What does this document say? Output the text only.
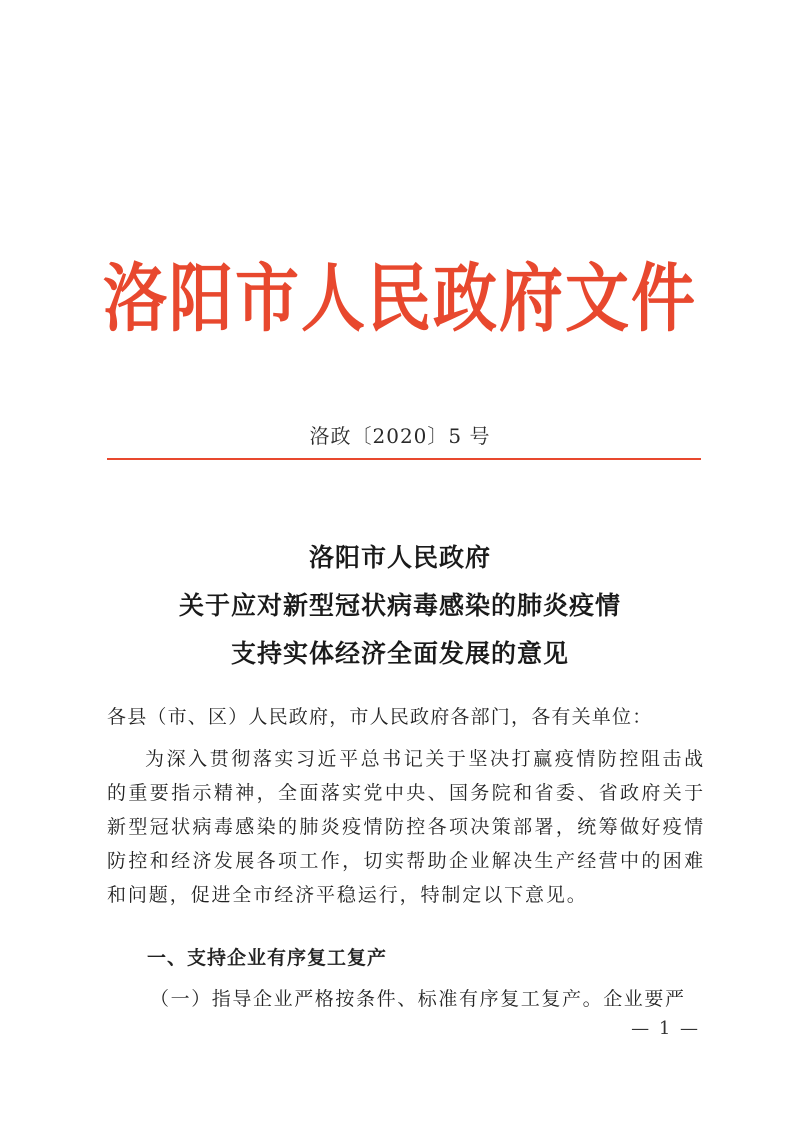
洛阳市人民政府文件
洛政〔2020〕5 号
洛阳市人民政府
关于应对新型冠状病毒感染的肺炎疫情
支持实体经济全面发展的意见
各县（市、区）人民政府，市人民政府各部门，各有关单位：
为深入贯彻落实习近平总书记关于坚决打赢疫情防控阻击战的重要指示精神，全面落实党中央、国务院和省委、省政府关于新型冠状病毒感染的肺炎疫情防控各项决策部署，统筹做好疫情防控和经济发展各项工作，切实帮助企业解决生产经营中的困难和问题，促进全市经济平稳运行，特制定以下意见。
一、支持企业有序复工复产
（一）指导企业严格按条件、标准有序复工复产。企业要严
— 1 —
